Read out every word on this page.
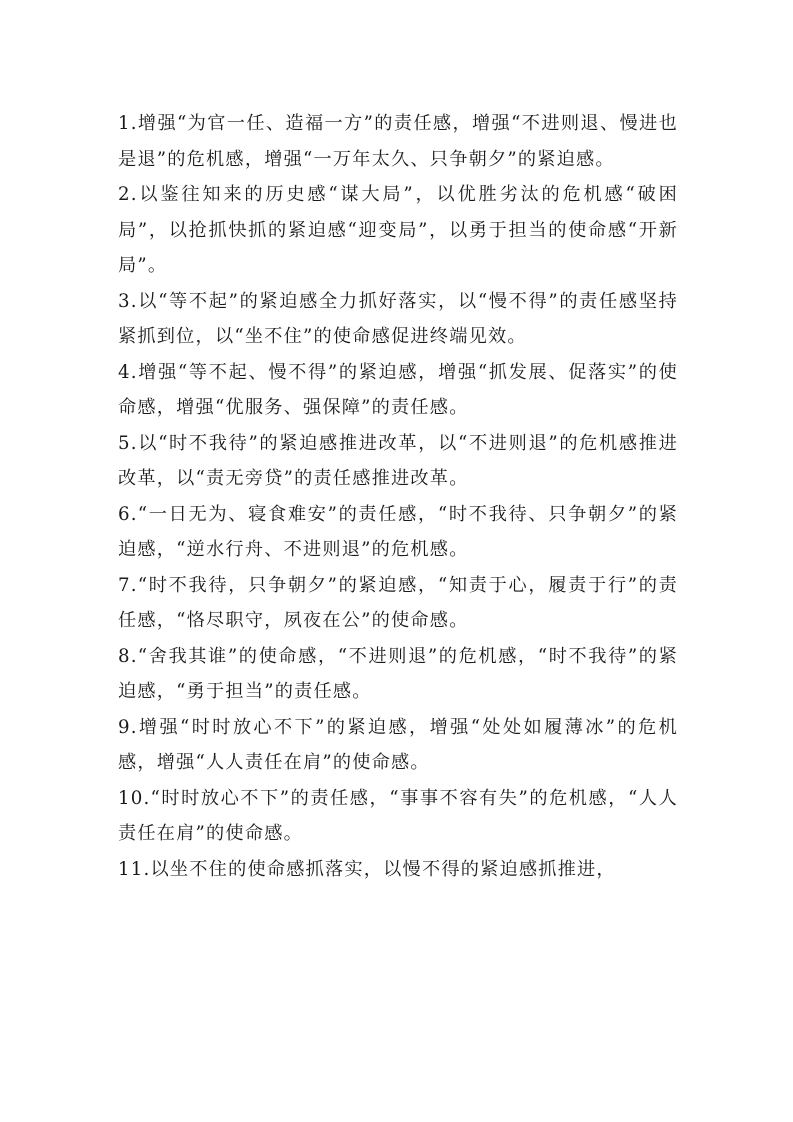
1.增强“为官一任、造福一方”的责任感，增强“不进则退、慢进也是退”的危机感，增强“一万年太久、只争朝夕”的紧迫感。

2.以鉴往知来的历史感“谋大局”，以优胜劣汰的危机感“破困局”，以抢抓快抓的紧迫感“迎变局”，以勇于担当的使命感“开新局”。

3.以“等不起”的紧迫感全力抓好落实，以“慢不得”的责任感坚持紧抓到位，以“坐不住”的使命感促进终端见效。

4.增强“等不起、慢不得”的紧迫感，增强“抓发展、促落实”的使命感，增强“优服务、强保障”的责任感。

5.以“时不我待”的紧迫感推进改革，以“不进则退”的危机感推进改革，以“责无旁贷”的责任感推进改革。

6.“一日无为、寝食难安”的责任感，“时不我待、只争朝夕”的紧迫感，“逆水行舟、不进则退”的危机感。

7.“时不我待，只争朝夕”的紧迫感，“知责于心，履责于行”的责任感，“恪尽职守，夙夜在公”的使命感。

8.“舍我其谁”的使命感，“不进则退”的危机感，“时不我待”的紧迫感，“勇于担当”的责任感。

9.增强“时时放心不下”的紧迫感，增强“处处如履薄冰”的危机感，增强“人人责任在肩”的使命感。

10.“时时放心不下”的责任感，“事事不容有失”的危机感，“人人责任在肩”的使命感。

11.以坐不住的使命感抓落实，以慢不得的紧迫感抓推进，
